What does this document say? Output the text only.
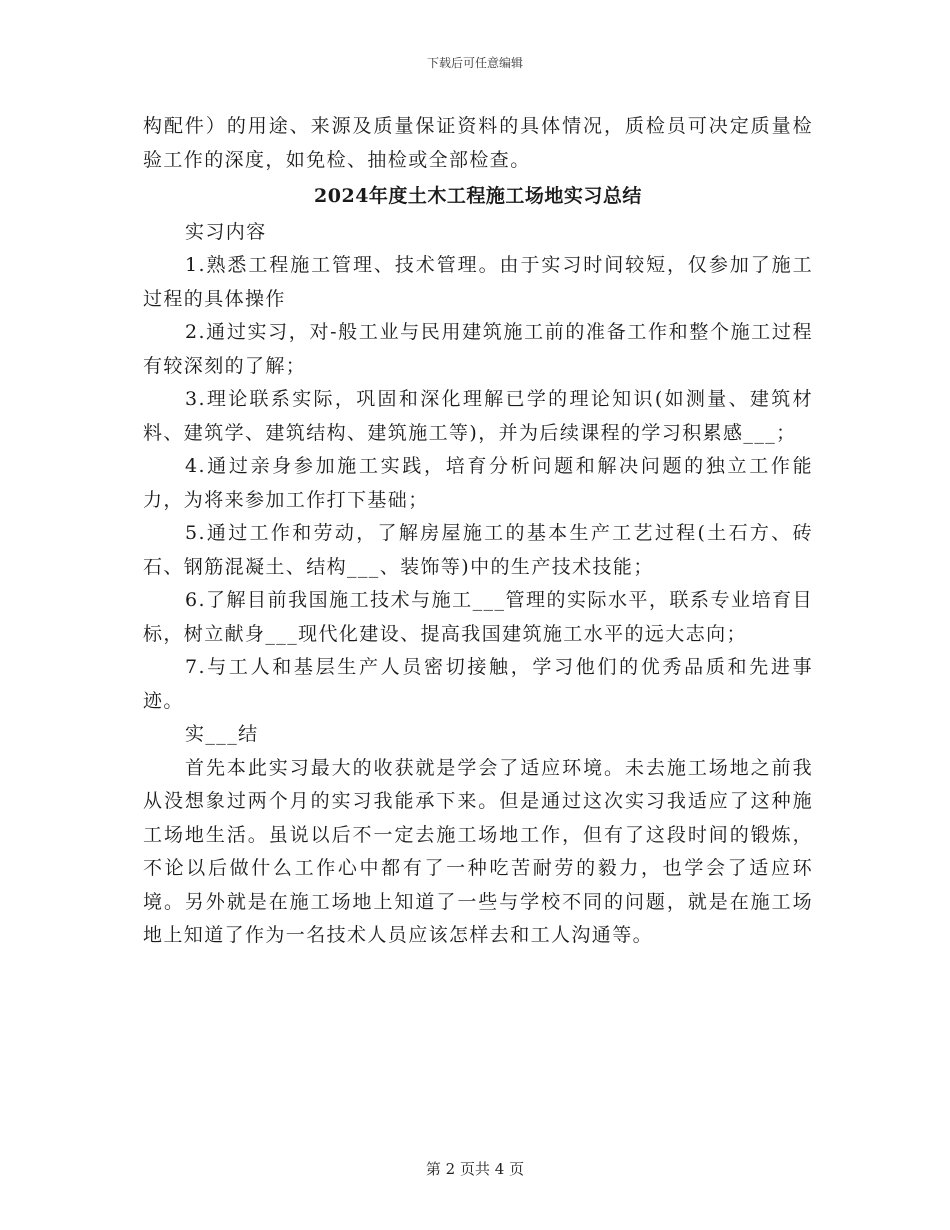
下载后可任意编辑

构配件）的用途、来源及质量保证资料的具体情况，质检员可决定质量检验工作的深度，如免检、抽检或全部检查。

2024年度土木工程施工场地实习总结

实习内容

1.熟悉工程施工管理、技术管理。由于实习时间较短，仅参加了施工过程的具体操作

2.通过实习，对-般工业与民用建筑施工前的准备工作和整个施工过程有较深刻的了解；

3.理论联系实际，巩固和深化理解已学的理论知识(如测量、建筑材料、建筑学、建筑结构、建筑施工等)，并为后续课程的学习积累感___；

4.通过亲身参加施工实践，培育分析问题和解决问题的独立工作能力，为将来参加工作打下基础；

5.通过工作和劳动，了解房屋施工的基本生产工艺过程(土石方、砖石、钢筋混凝土、结构___、装饰等)中的生产技术技能；

6.了解目前我国施工技术与施工___管理的实际水平，联系专业培育目标，树立献身___现代化建设、提高我国建筑施工水平的远大志向；

7.与工人和基层生产人员密切接触，学习他们的优秀品质和先进事迹。

实___结

首先本此实习最大的收获就是学会了适应环境。未去施工场地之前我从没想象过两个月的实习我能承下来。但是通过这次实习我适应了这种施工场地生活。虽说以后不一定去施工场地工作，但有了这段时间的锻炼，不论以后做什么工作心中都有了一种吃苦耐劳的毅力，也学会了适应环境。另外就是在施工场地上知道了一些与学校不同的问题，就是在施工场地上知道了作为一名技术人员应该怎样去和工人沟通等。

第 2 页共 4 页
